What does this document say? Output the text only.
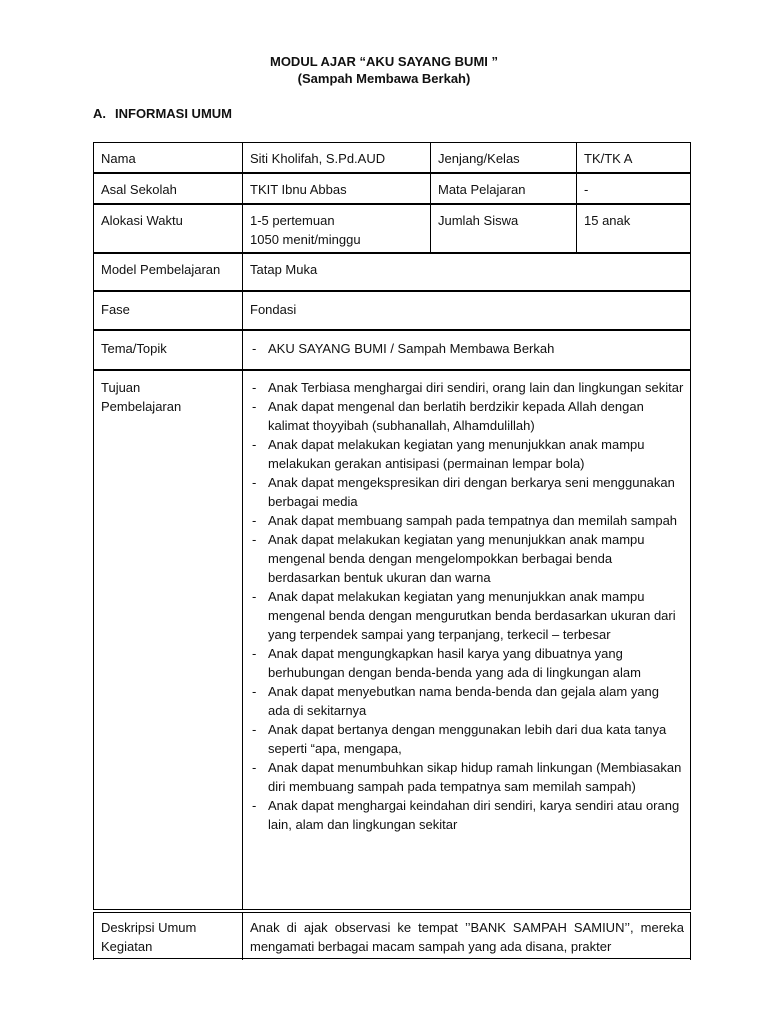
MODUL AJAR “AKU SAYANG BUMI ”
(Sampah Membawa Berkah)
A. INFORMASI UMUM
Nama	Siti Kholifah, S.Pd.AUD	Jenjang/Kelas	TK/TK A
Asal Sekolah	TKIT Ibnu Abbas	Mata Pelajaran	-
Alokasi Waktu	1-5 pertemuan
1050 menit/minggu
Jumlah Siswa	15 anak
Model Pembelajaran	Tatap Muka
Fase	Fondasi
Tema/Topik
-	AKU SAYANG BUMI / Sampah Membawa Berkah
Tujuan
Pembelajaran
- Anak Terbiasa menghargai diri sendiri, orang lain dan lingkungan sekitar
- Anak dapat mengenal dan berlatih berdzikir kepada Allah dengan kalimat thoyyibah (subhanallah, Alhamdulillah)
- Anak dapat melakukan kegiatan yang menunjukkan anak mampu melakukan gerakan antisipasi (permainan lempar bola)
- Anak dapat mengekspresikan diri dengan berkarya seni menggunakan berbagai media
- Anak dapat membuang sampah pada tempatnya dan memilah sampah
- Anak dapat melakukan kegiatan yang menunjukkan anak mampu mengenal benda dengan mengelompokkan berbagai benda berdasarkan bentuk ukuran dan warna
- Anak dapat melakukan kegiatan yang menunjukkan anak mampu mengenal benda dengan mengurutkan benda berdasarkan ukuran dari yang terpendek sampai yang terpanjang, terkecil – terbesar
- Anak dapat mengungkapkan hasil karya yang dibuatnya yang berhubungan dengan benda-benda yang ada di lingkungan alam
- Anak dapat menyebutkan nama benda-benda dan gejala alam yang ada di sekitarnya
- Anak dapat bertanya dengan menggunakan lebih dari dua kata tanya seperti “apa, mengapa,
- Anak dapat menumbuhkan sikap hidup ramah linkungan (Membiasakan diri membuang sampah pada tempatnya sam memilah sampah)
- Anak dapat menghargai keindahan diri sendiri, karya sendiri atau orang lain, alam dan lingkungan sekitar
Deskripsi Umum
Kegiatan
Anak di ajak observasi ke tempat ’’BANK SAMPAH SAMIUN’’, mereka mengamati berbagai macam sampah yang ada disana, prakter
